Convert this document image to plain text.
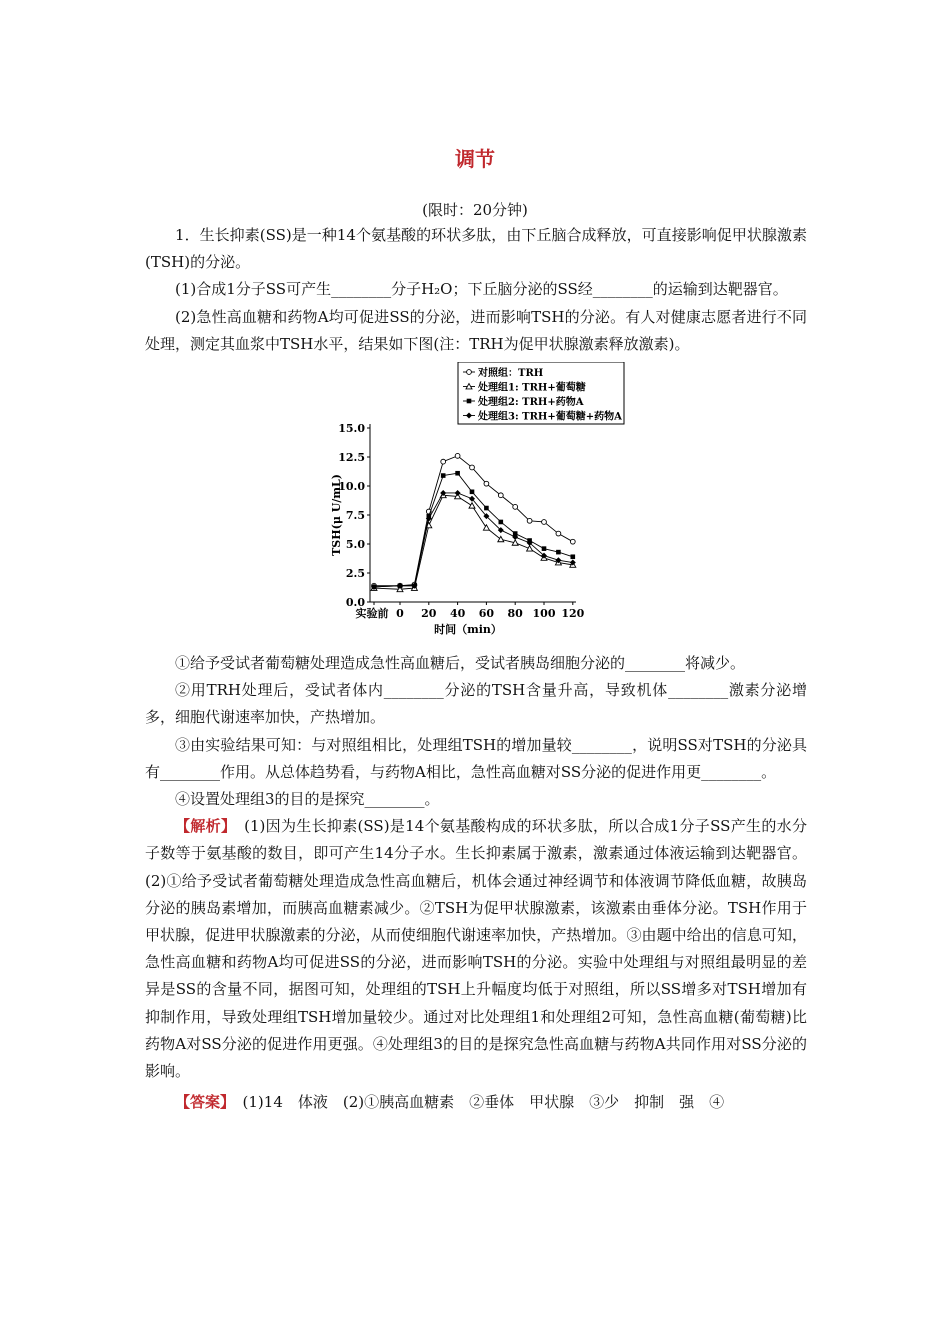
调节
(限时：20分钟)

1．生长抑素(SS)是一种14个氨基酸的环状多肽，由下丘脑合成释放，可直接影响促甲状腺激素(TSH)的分泌。

(1)合成1分子SS可产生________分子H₂O；下丘脑分泌的SS经________的运输到达靶器官。

(2)急性高血糖和药物A均可促进SS的分泌，进而影响TSH的分泌。有人对健康志愿者进行不同处理，测定其血浆中TSH水平，结果如下图(注：TRH为促甲状腺激素释放激素)。

0.0
2.5
5.0
7.5
10.0
12.5
15.0
实验前 0 20 40 60 80 100 120
时间（min）
TSH(μ U/mL)
对照组：TRH
处理组1: TRH+葡萄糖
处理组2: TRH+药物A
处理组3: TRH+葡萄糖+药物A

①给予受试者葡萄糖处理造成急性高血糖后，受试者胰岛细胞分泌的________将减少。

②用TRH处理后，受试者体内________分泌的TSH含量升高，导致机体________激素分泌增多，细胞代谢速率加快，产热增加。

③由实验结果可知：与对照组相比，处理组TSH的增加量较________，说明SS对TSH的分泌具有________作用。从总体趋势看，与药物A相比，急性高血糖对SS分泌的促进作用更________。

④设置处理组3的目的是探究________。

【解析】　 (1)因为生长抑素(SS)是14个氨基酸构成的环状多肽，所以合成1分子SS产生的水分子数等于氨基酸的数目，即可产生14分子水。生长抑素属于激素，激素通过体液运输到达靶器官。(2)①给予受试者葡萄糖处理造成急性高血糖后，机体会通过神经调节和体液调节降低血糖，故胰岛分泌的胰岛素增加，而胰高血糖素减少。②TSH为促甲状腺激素，该激素由垂体分泌。TSH作用于甲状腺，促进甲状腺激素的分泌，从而使细胞代谢速率加快，产热增加。③由题中给出的信息可知，急性高血糖和药物A均可促进SS的分泌，进而影响TSH的分泌。实验中处理组与对照组最明显的差异是SS的含量不同，据图可知，处理组的TSH上升幅度均低于对照组，所以SS增多对TSH增加有抑制作用，导致处理组TSH增加量较少。通过对比处理组1和处理组2可知，急性高血糖(葡萄糖)比药物A对SS分泌的促进作用更强。④处理组3的目的是探究急性高血糖与药物A共同作用对SS分泌的影响。

【答案】　 (1)14　体液　(2)①胰高血糖素　②垂体　甲状腺　③少　抑制　强　④
